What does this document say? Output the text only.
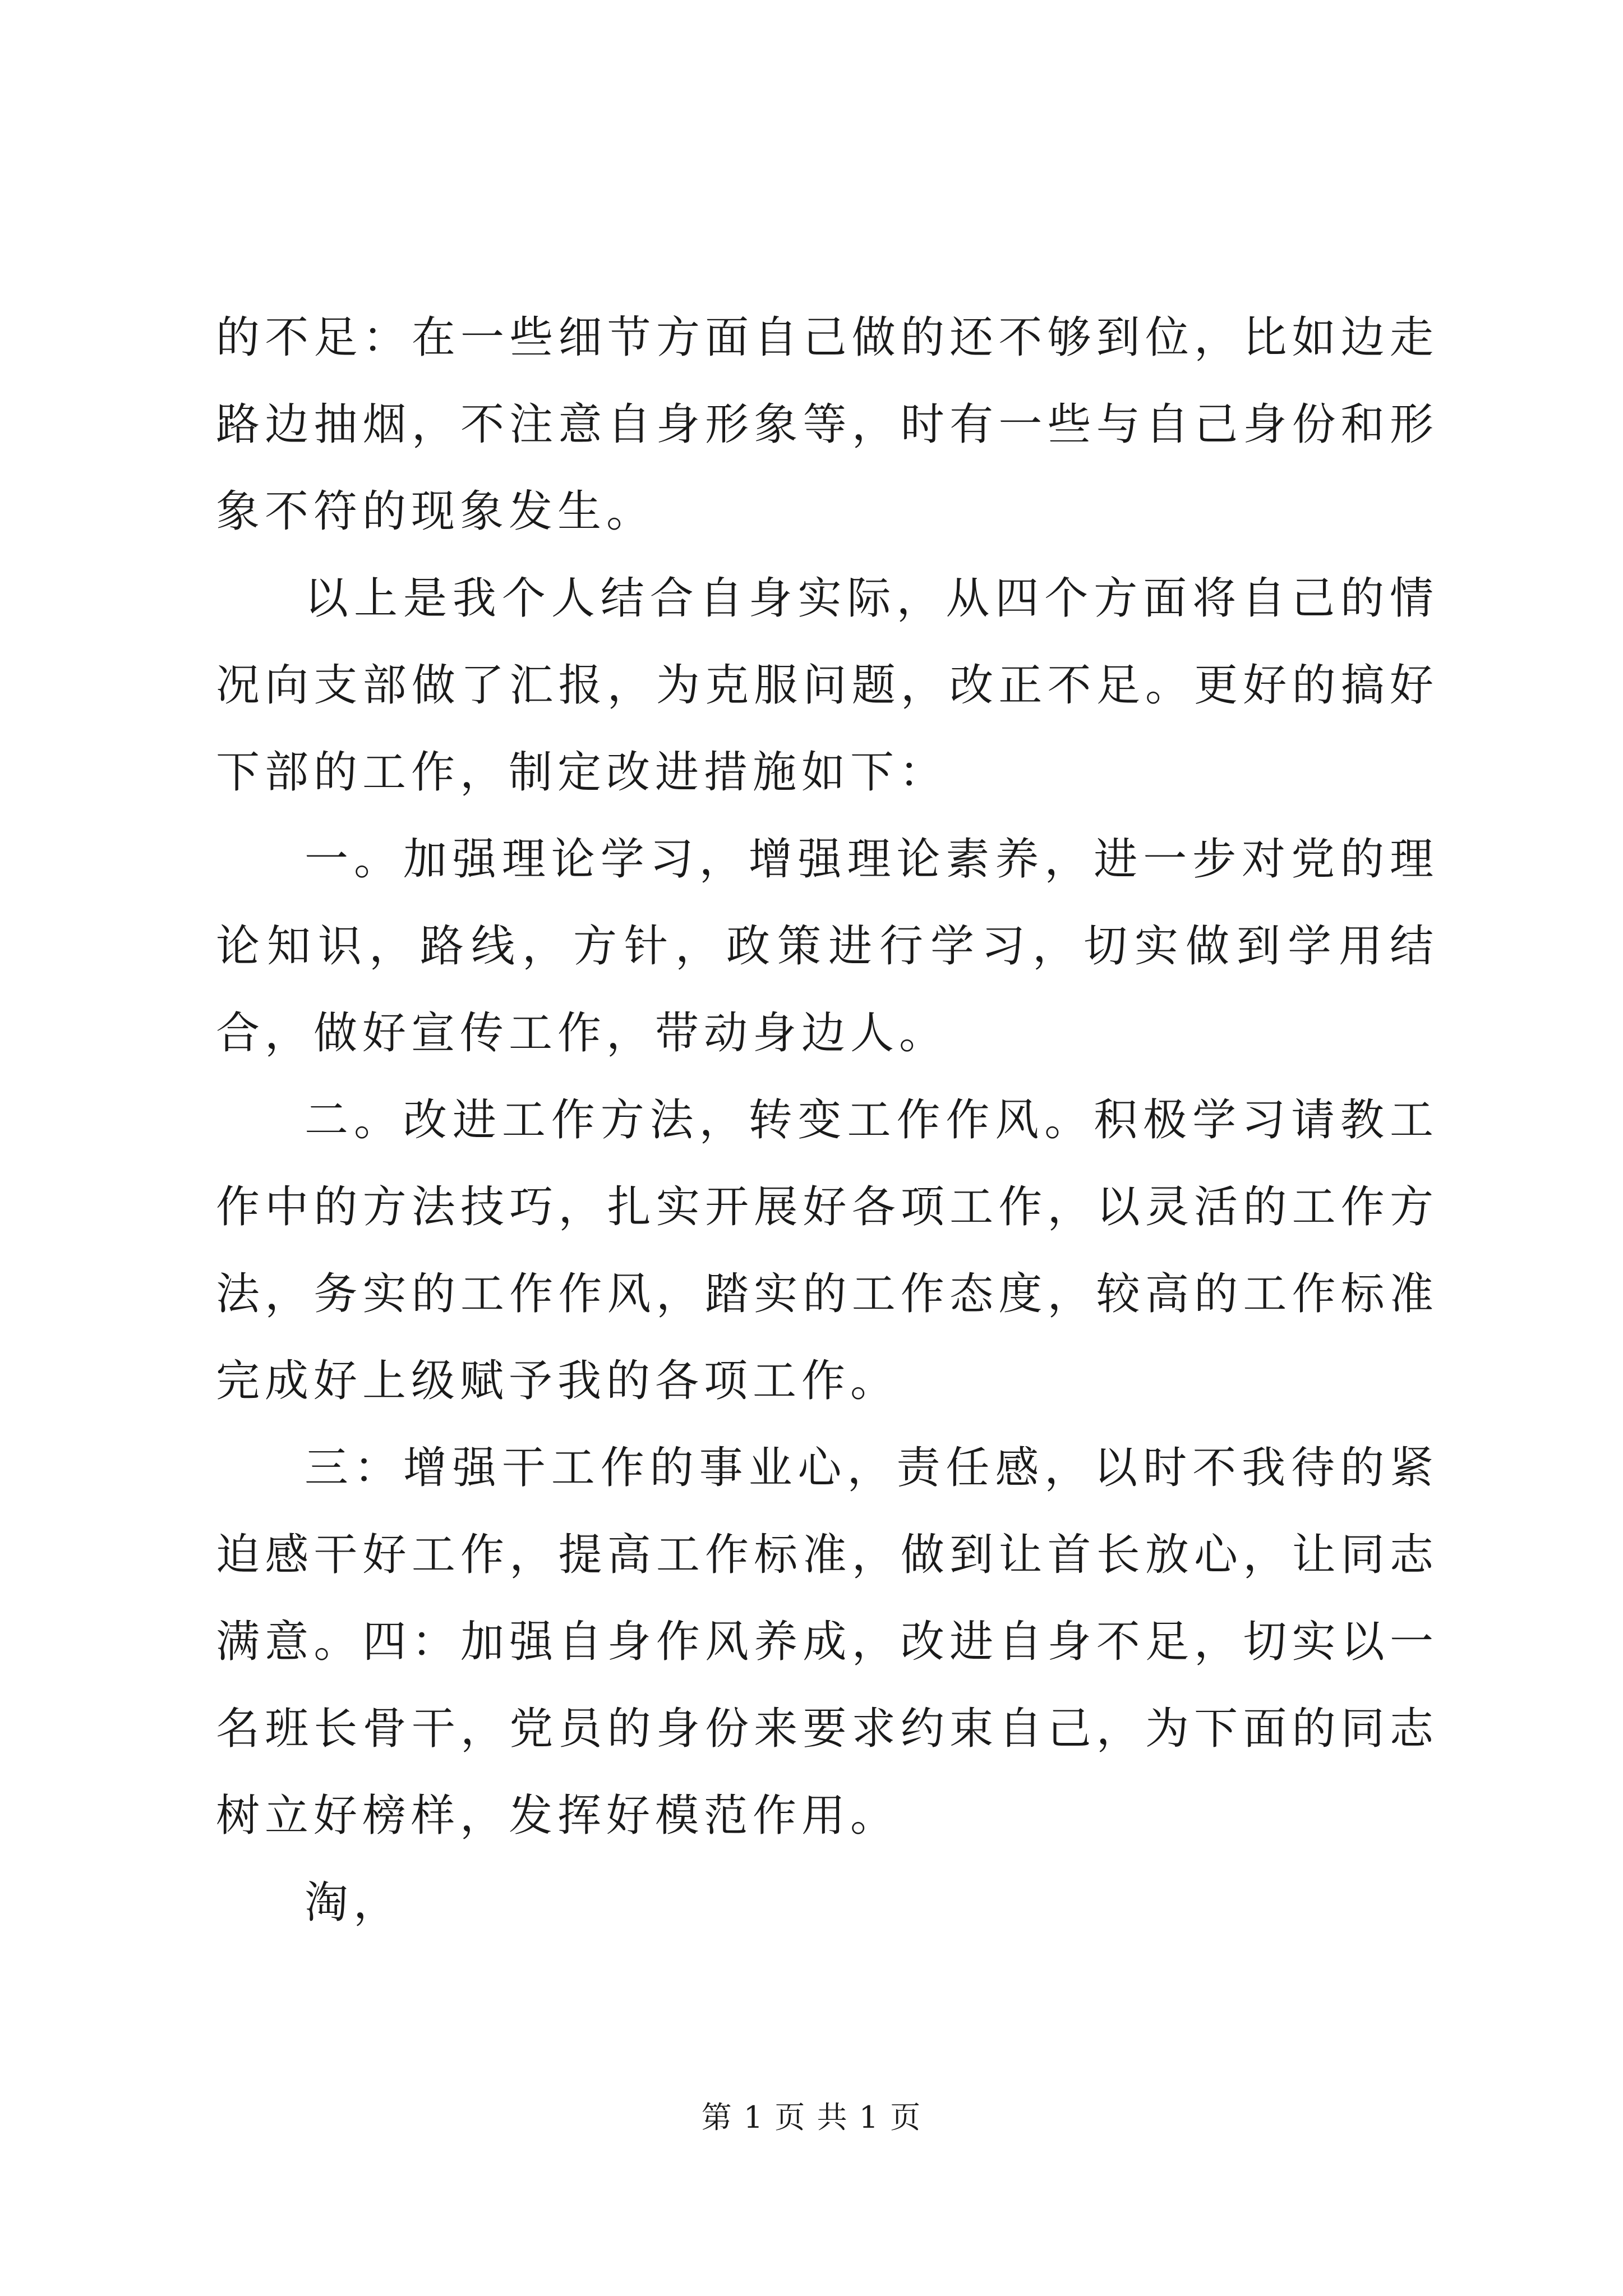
的不足：在一些细节方面自己做的还不够到位，比如边走路边抽烟，不注意自身形象等，时有一些与自己身份和形象不符的现象发生。

以上是我个人结合自身实际，从四个方面将自己的情况向支部做了汇报，为克服问题，改正不足。更好的搞好下部的工作，制定改进措施如下：

一。加强理论学习，增强理论素养，进一步对党的理论知识，路线，方针，政策进行学习，切实做到学用结合，做好宣传工作，带动身边人。

二。改进工作方法，转变工作作风。积极学习请教工作中的方法技巧，扎实开展好各项工作，以灵活的工作方法，务实的工作作风，踏实的工作态度，较高的工作标准完成好上级赋予我的各项工作。

三：增强干工作的事业心，责任感，以时不我待的紧迫感干好工作，提高工作标准，做到让首长放心，让同志满意。四：加强自身作风养成，改进自身不足，切实以一名班长骨干，党员的身份来要求约束自己，为下面的同志树立好榜样，发挥好模范作用。

淘，

第 1 页 共 1 页
